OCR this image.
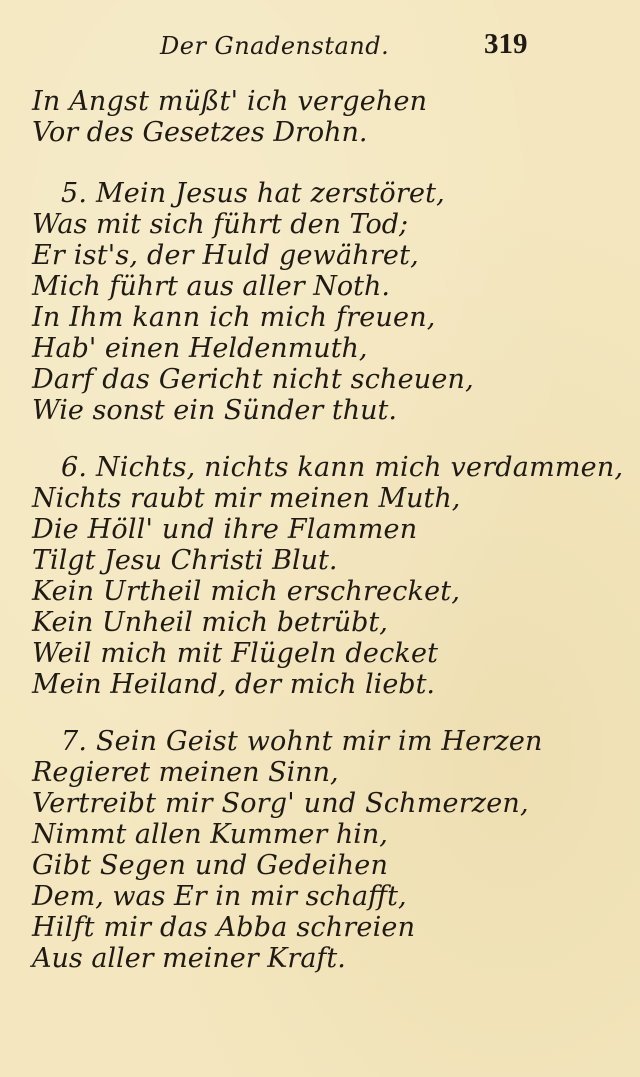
Der Gnadenstand.	319
In Angst müßt' ich vergehen
Vor des Gesetzes Drohn.
5. Mein Jesus hat zerstöret,
Was mit sich führt den Tod;
Er ist's, der Huld gewähret,
Mich führt aus aller Noth.
In Ihm kann ich mich freuen,
Hab' einen Heldenmuth,
Darf das Gericht nicht scheuen,
Wie sonst ein Sünder thut.
6. Nichts, nichts kann mich verdammen,
Nichts raubt mir meinen Muth,
Die Höll' und ihre Flammen
Tilgt Jesu Christi Blut.
Kein Urtheil mich erschrecket,
Kein Unheil mich betrübt,
Weil mich mit Flügeln decket
Mein Heiland, der mich liebt.
7. Sein Geist wohnt mir im Herzen
Regieret meinen Sinn,
Vertreibt mir Sorg' und Schmerzen,
Nimmt allen Kummer hin,
Gibt Segen und Gedeihen
Dem, was Er in mir schafft,
Hilft mir das Abba schreien
Aus aller meiner Kraft.
